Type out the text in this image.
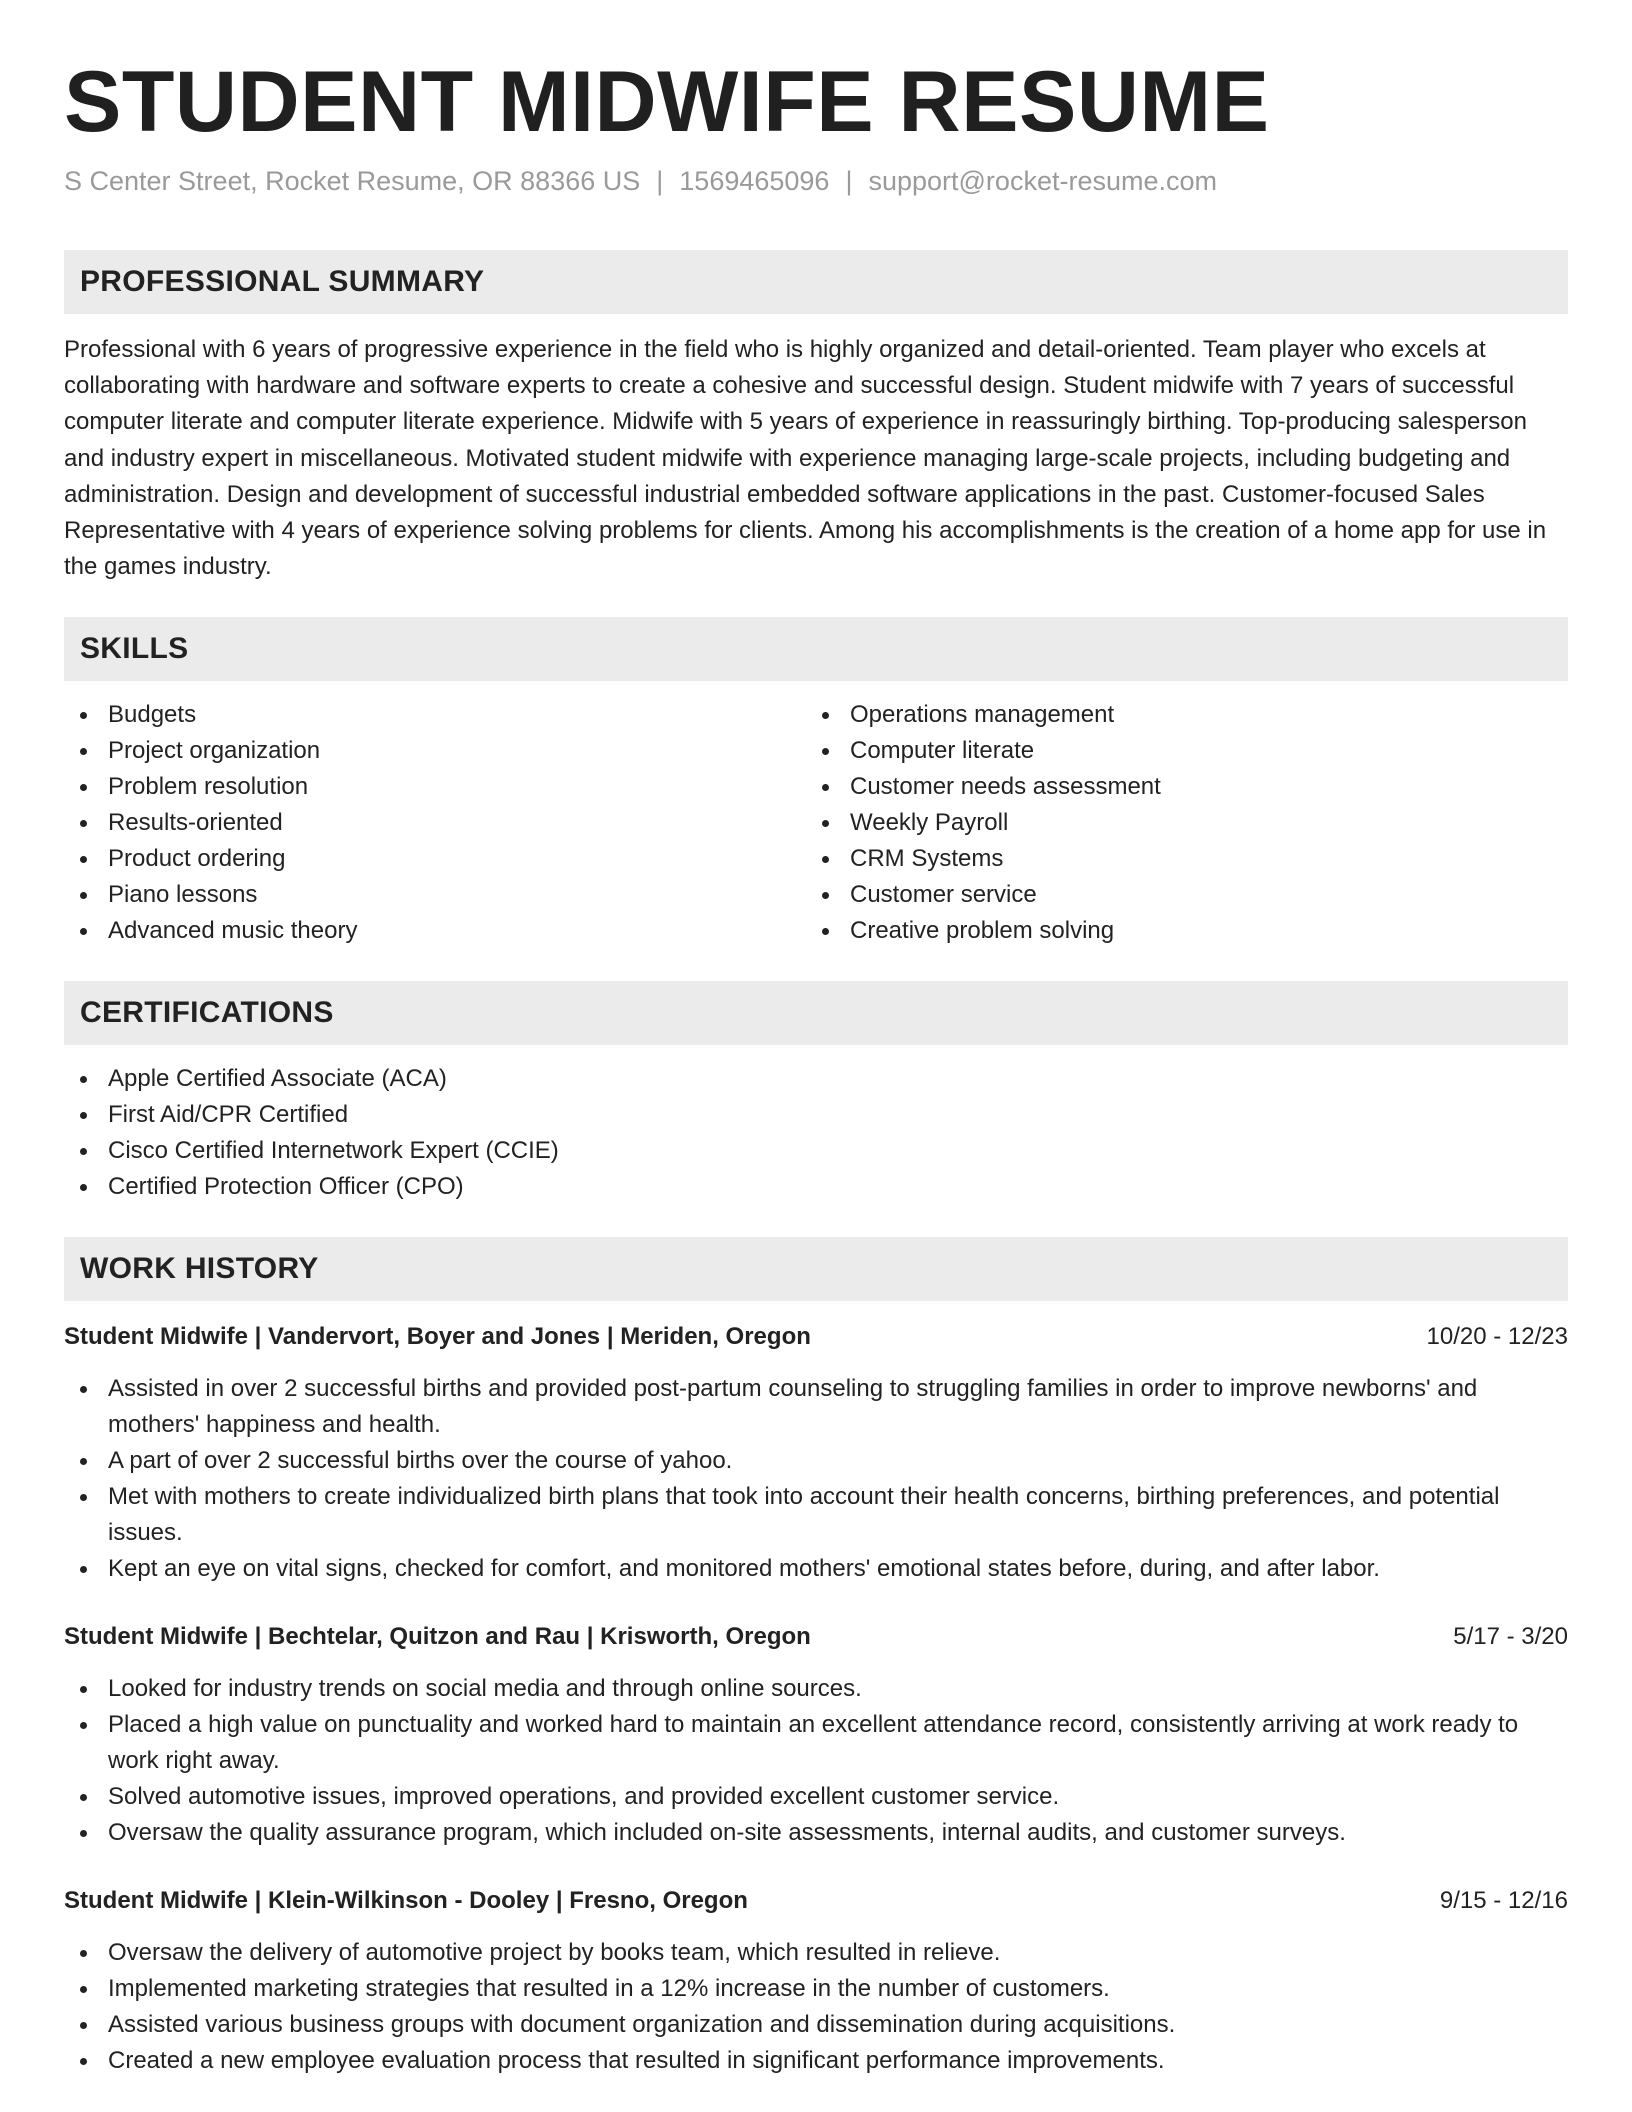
STUDENT MIDWIFE RESUME
S Center Street, Rocket Resume, OR 88366 US | 1569465096 | support@rocket-resume.com
PROFESSIONAL SUMMARY
Professional with 6 years of progressive experience in the field who is highly organized and detail-oriented. Team player who excels at collaborating with hardware and software experts to create a cohesive and successful design. Student midwife with 7 years of successful computer literate and computer literate experience. Midwife with 5 years of experience in reassuringly birthing. Top-producing salesperson and industry expert in miscellaneous. Motivated student midwife with experience managing large-scale projects, including budgeting and administration. Design and development of successful industrial embedded software applications in the past. Customer-focused Sales Representative with 4 years of experience solving problems for clients. Among his accomplishments is the creation of a home app for use in the games industry.
SKILLS
Budgets
Project organization
Problem resolution
Results-oriented
Product ordering
Piano lessons
Advanced music theory
Operations management
Computer literate
Customer needs assessment
Weekly Payroll
CRM Systems
Customer service
Creative problem solving
CERTIFICATIONS
Apple Certified Associate (ACA)
First Aid/CPR Certified
Cisco Certified Internetwork Expert (CCIE)
Certified Protection Officer (CPO)
WORK HISTORY
Student Midwife | Vandervort, Boyer and Jones | Meriden, Oregon	10/20 - 12/23
Assisted in over 2 successful births and provided post-partum counseling to struggling families in order to improve newborns' and mothers' happiness and health.
A part of over 2 successful births over the course of yahoo.
Met with mothers to create individualized birth plans that took into account their health concerns, birthing preferences, and potential issues.
Kept an eye on vital signs, checked for comfort, and monitored mothers' emotional states before, during, and after labor.
Student Midwife | Bechtelar, Quitzon and Rau | Krisworth, Oregon	5/17 - 3/20
Looked for industry trends on social media and through online sources.
Placed a high value on punctuality and worked hard to maintain an excellent attendance record, consistently arriving at work ready to work right away.
Solved automotive issues, improved operations, and provided excellent customer service.
Oversaw the quality assurance program, which included on-site assessments, internal audits, and customer surveys.
Student Midwife | Klein-Wilkinson - Dooley | Fresno, Oregon	9/15 - 12/16
Oversaw the delivery of automotive project by books team, which resulted in relieve.
Implemented marketing strategies that resulted in a 12% increase in the number of customers.
Assisted various business groups with document organization and dissemination during acquisitions.
Created a new employee evaluation process that resulted in significant performance improvements.
